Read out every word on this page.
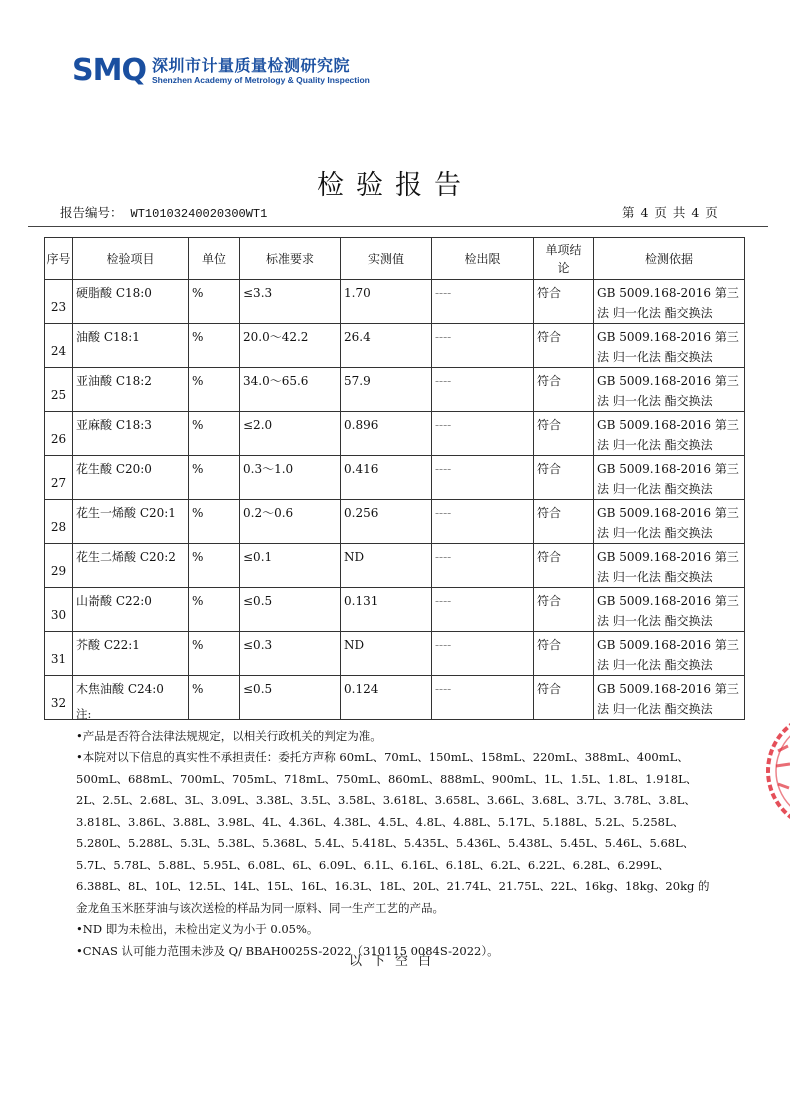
SMQ 深圳市计量质量检测研究院
Shenzhen Academy of Metrology & Quality Inspection
检验报告
报告编号： WT10103240020300WT1	第 4 页 共 4 页
序号	检验项目	单位	标准要求	实测值	检出限	单项结论	检测依据
23	硬脂酸 C18:0	%	≤3.3	1.70	----	符合	GB 5009.168-2016 第三法 归一化法 酯交换法
24	油酸 C18:1	%	20.0～42.2	26.4	----	符合	GB 5009.168-2016 第三法 归一化法 酯交换法
25	亚油酸 C18:2	%	34.0～65.6	57.9	----	符合	GB 5009.168-2016 第三法 归一化法 酯交换法
26	亚麻酸 C18:3	%	≤2.0	0.896	----	符合	GB 5009.168-2016 第三法 归一化法 酯交换法
27	花生酸 C20:0	%	0.3～1.0	0.416	----	符合	GB 5009.168-2016 第三法 归一化法 酯交换法
28	花生一烯酸 C20:1	%	0.2～0.6	0.256	----	符合	GB 5009.168-2016 第三法 归一化法 酯交换法
29	花生二烯酸 C20:2	%	≤0.1	ND	----	符合	GB 5009.168-2016 第三法 归一化法 酯交换法
30	山嵛酸 C22:0	%	≤0.5	0.131	----	符合	GB 5009.168-2016 第三法 归一化法 酯交换法
31	芥酸 C22:1	%	≤0.3	ND	----	符合	GB 5009.168-2016 第三法 归一化法 酯交换法
32	木焦油酸 C24:0	%	≤0.5	0.124	----	符合	GB 5009.168-2016 第三法 归一化法 酯交换法

注:

•产品是否符合法律法规规定，以相关行政机关的判定为准。

•本院对以下信息的真实性不承担责任：委托方声称 60mL、70mL、150mL、158mL、220mL、388mL、400mL、500mL、688mL、700mL、705mL、718mL、750mL、860mL、888mL、900mL、1L、1.5L、1.8L、1.918L、2L、2.5L、2.68L、3L、3.09L、3.38L、3.5L、3.58L、3.618L、3.658L、3.66L、3.68L、3.7L、3.78L、3.8L、3.818L、3.86L、3.88L、3.98L、4L、4.36L、4.38L、4.5L、4.8L、4.88L、5.17L、5.188L、5.2L、5.258L、5.280L、5.288L、5.3L、5.38L、5.368L、5.4L、5.418L、5.435L、5.436L、5.438L、5.45L、5.46L、5.68L、5.7L、5.78L、5.88L、5.95L、6.08L、6L、6.09L、6.1L、6.16L、6.18L、6.2L、6.22L、6.28L、6.299L、6.388L、8L、10L、12.5L、14L、15L、16L、16.3L、18L、20L、21.74L、21.75L、22L、16kg、18kg、20kg 的金龙鱼玉米胚芽油与该次送检的样品为同一原料、同一生产工艺的产品。

•ND 即为未检出，未检出定义为小于 0.05%。

•CNAS 认可能力范围未涉及 Q/ BBAH0025S-2022（310115 0084S-2022）。

以下空白
